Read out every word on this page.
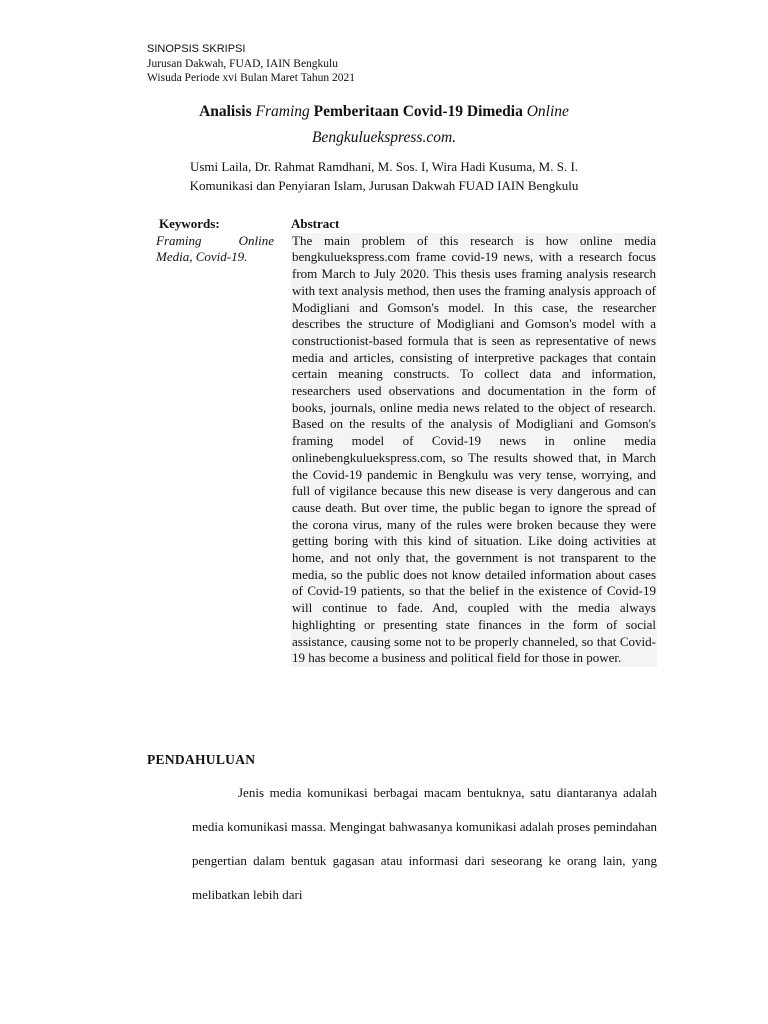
SINOPSIS SKRIPSI
Jurusan Dakwah, FUAD, IAIN Bengkulu
Wisuda Periode xvi Bulan Maret Tahun 2021
Analisis Framing Pemberitaan Covid-19 Dimedia Online
Bengkuluekspress.com.
Usmi Laila, Dr. Rahmat Ramdhani, M. Sos. I, Wira Hadi Kusuma, M. S. I.
Komunikasi dan Penyiaran Islam, Jurusan Dakwah FUAD IAIN Bengkulu
Keywords:
Framing Online Media, Covid-19.
Abstract
The main problem of this research is how online media bengkuluekspress.com frame covid-19 news, with a research focus from March to July 2020. This thesis uses framing analysis research with text analysis method, then uses the framing analysis approach of Modigliani and Gomson's model. In this case, the researcher describes the structure of Modigliani and Gomson's model with a constructionist-based formula that is seen as representative of news media and articles, consisting of interpretive packages that contain certain meaning constructs. To collect data and information, researchers used observations and documentation in the form of books, journals, online media news related to the object of research. Based on the results of the analysis of Modigliani and Gomson's framing model of Covid-19 news in online media onlinebengkuluekspress.com, so The results showed that, in March the Covid-19 pandemic in Bengkulu was very tense, worrying, and full of vigilance because this new disease is very dangerous and can cause death. But over time, the public began to ignore the spread of the corona virus, many of the rules were broken because they were getting boring with this kind of situation. Like doing activities at home, and not only that, the government is not transparent to the media, so the public does not know detailed information about cases of Covid-19 patients, so that the belief in the existence of Covid-19 will continue to fade. And, coupled with the media always highlighting or presenting state finances in the form of social assistance, causing some not to be properly channeled, so that Covid-19 has become a business and political field for those in power.
PENDAHULUAN
Jenis media komunikasi berbagai macam bentuknya, satu diantaranya adalah media komunikasi massa. Mengingat bahwasanya komunikasi adalah proses pemindahan pengertian dalam bentuk gagasan atau informasi dari seseorang ke orang lain, yang melibatkan lebih dari
